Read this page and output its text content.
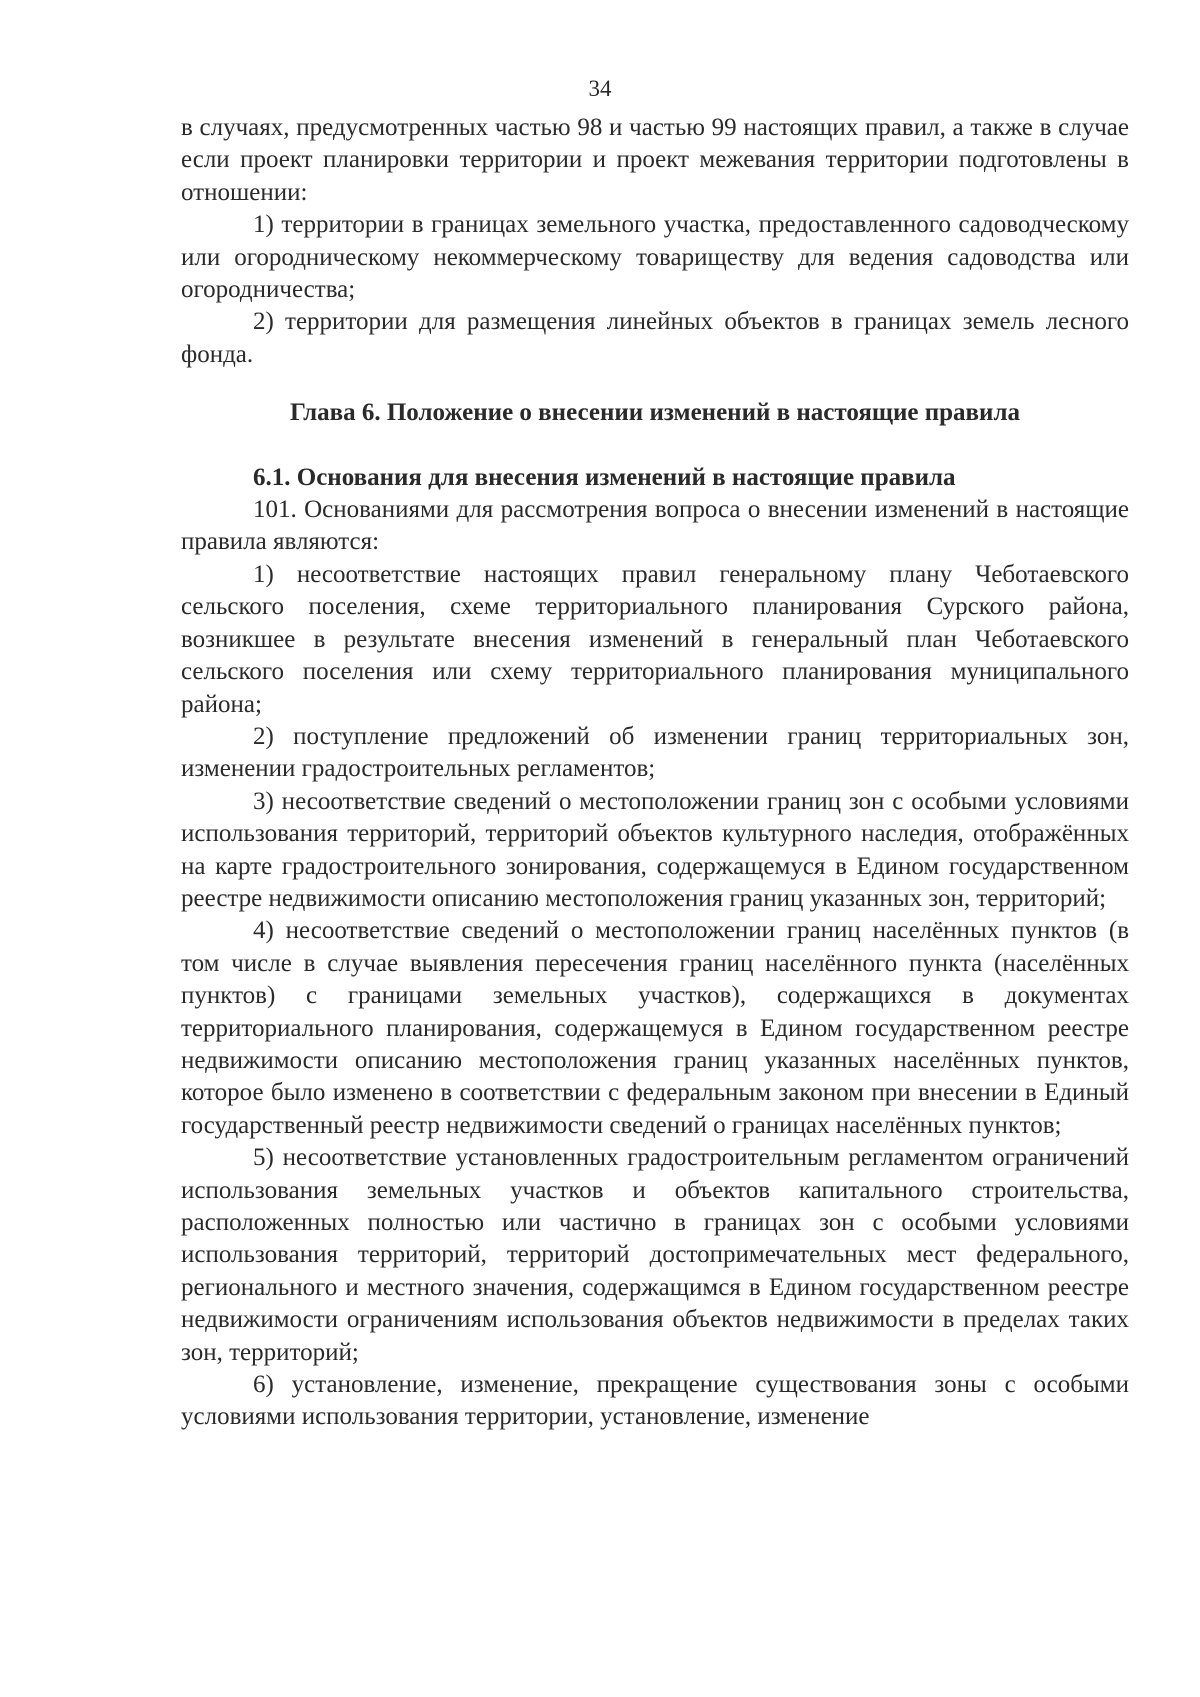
34

в случаях, предусмотренных частью 98 и частью 99 настоящих правил, а также в случае если проект планировки территории и проект межевания территории подготовлены в отношении:

1) территории в границах земельного участка, предоставленного садоводческому или огородническому некоммерческому товариществу для ведения садоводства или огородничества;

2) территории для размещения линейных объектов в границах земель лесного фонда.

Глава 6. Положение о внесении изменений в настоящие правила

6.1. Основания для внесения изменений в настоящие правила

101. Основаниями для рассмотрения вопроса о внесении изменений в настоящие правила являются:

1) несоответствие настоящих правил генеральному плану Чеботаевского сельского поселения, схеме территориального планирования Сурского района, возникшее в результате внесения изменений в генеральный план Чеботаевского сельского поселения или схему территориального планирования муниципального района;

2) поступление предложений об изменении границ территориальных зон, изменении градостроительных регламентов;

3) несоответствие сведений о местоположении границ зон с особыми условиями использования территорий, территорий объектов культурного наследия, отображённых на карте градостроительного зонирования, содержащемуся в Едином государственном реестре недвижимости описанию местоположения границ указанных зон, территорий;

4) несоответствие сведений о местоположении границ населённых пунктов (в том числе в случае выявления пересечения границ населённого пункта (населённых пунктов) с границами земельных участков), содержащихся в документах территориального планирования, содержащемуся в Едином государственном реестре недвижимости описанию местоположения границ указанных населённых пунктов, которое было изменено в соответствии с федеральным законом при внесении в Единый государственный реестр недвижимости сведений о границах населённых пунктов;

5) несоответствие установленных градостроительным регламентом ограничений использования земельных участков и объектов капитального строительства, расположенных полностью или частично в границах зон с особыми условиями использования территорий, территорий достопримечательных мест федерального, регионального и местного значения, содержащимся в Едином государственном реестре недвижимости ограничениям использования объектов недвижимости в пределах таких зон, территорий;

6) установление, изменение, прекращение существования зоны с особыми условиями использования территории, установление, изменение
